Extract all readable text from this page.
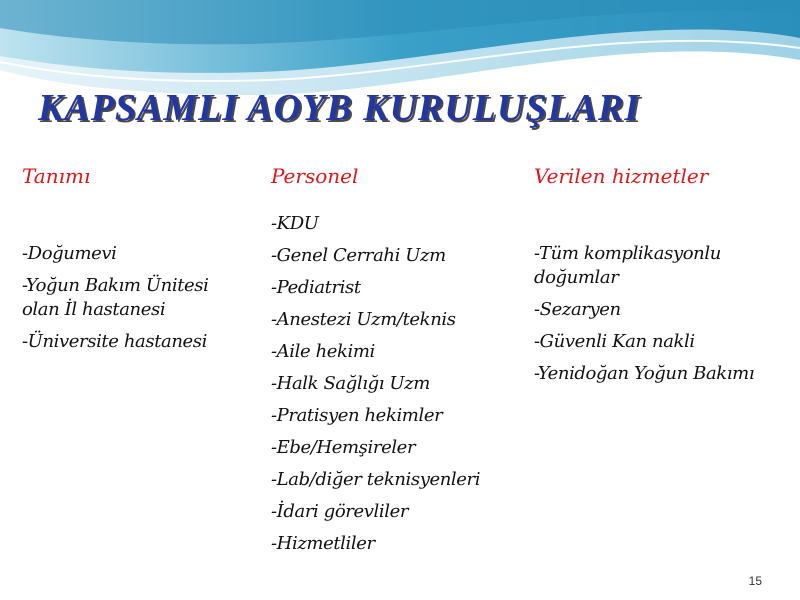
KAPSAMLI AOYB KURULUŞLARI
Tanımı
-Doğumevi
-Yoğun Bakım Ünitesi olan İl hastanesi
-Üniversite hastanesi
Personel
-KDU
-Genel Cerrahi Uzm
-Pediatrist
-Anestezi Uzm/teknis
-Aile hekimi
-Halk Sağlığı Uzm
-Pratisyen hekimler
-Ebe/Hemşireler
-Lab/diğer teknisyenleri
-İdari görevliler
-Hizmetliler
Verilen hizmetler
-Tüm komplikasyonlu doğumlar
-Sezaryen
-Güvenli Kan nakli
-Yenidoğan Yoğun Bakımı
15
